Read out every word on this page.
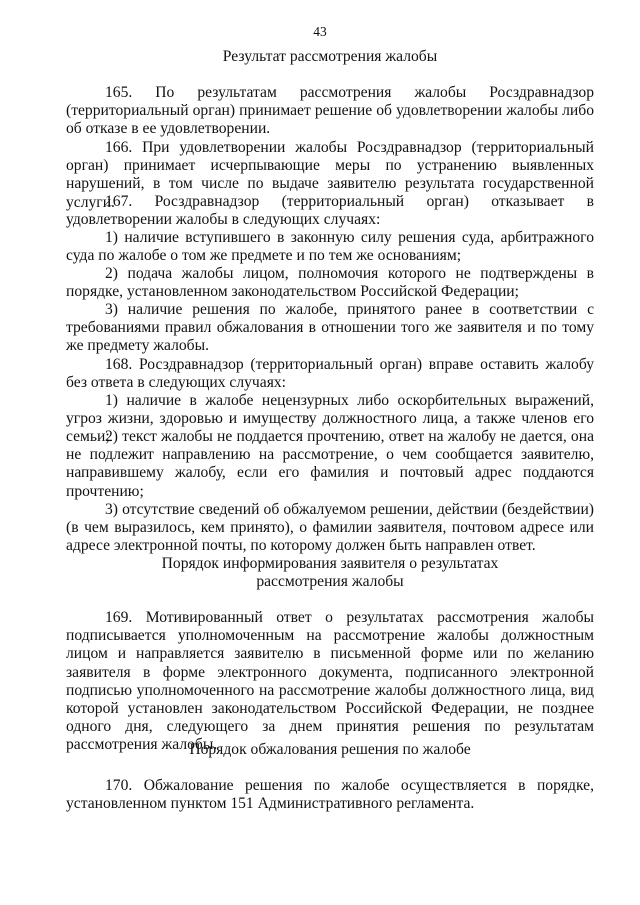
43
Результат рассмотрения жалобы
165. По результатам рассмотрения жалобы Росздравнадзор (территориальный орган) принимает решение об удовлетворении жалобы либо об отказе в ее удовлетворении.
166. При удовлетворении жалобы Росздравнадзор (территориальный орган) принимает исчерпывающие меры по устранению выявленных нарушений, в том числе по выдаче заявителю результата государственной услуги.
167. Росздравнадзор (территориальный орган) отказывает в удовлетворении жалобы в следующих случаях:
1) наличие вступившего в законную силу решения суда, арбитражного суда по жалобе о том же предмете и по тем же основаниям;
2) подача жалобы лицом, полномочия которого не подтверждены в порядке, установленном законодательством Российской Федерации;
3) наличие решения по жалобе, принятого ранее в соответствии с требованиями правил обжалования в отношении того же заявителя и по тому же предмету жалобы.
168. Росздравнадзор (территориальный орган) вправе оставить жалобу без ответа в следующих случаях:
1) наличие в жалобе нецензурных либо оскорбительных выражений, угроз жизни, здоровью и имуществу должностного лица, а также членов его семьи;
2) текст жалобы не поддается прочтению, ответ на жалобу не дается, она не подлежит направлению на рассмотрение, о чем сообщается заявителю, направившему жалобу, если его фамилия и почтовый адрес поддаются прочтению;
3) отсутствие сведений об обжалуемом решении, действии (бездействии) (в чем выразилось, кем принято), о фамилии заявителя, почтовом адресе или адресе электронной почты, по которому должен быть направлен ответ.
Порядок информирования заявителя о результатах
рассмотрения жалобы
169. Мотивированный ответ о результатах рассмотрения жалобы подписывается уполномоченным на рассмотрение жалобы должностным лицом и направляется заявителю в письменной форме или по желанию заявителя в форме электронного документа, подписанного электронной подписью уполномоченного на рассмотрение жалобы должностного лица, вид которой установлен законодательством Российской Федерации, не позднее одного дня, следующего за днем принятия решения по результатам рассмотрения жалобы.
Порядок обжалования решения по жалобе
170. Обжалование решения по жалобе осуществляется в порядке, установленном пунктом 151 Административного регламента.
